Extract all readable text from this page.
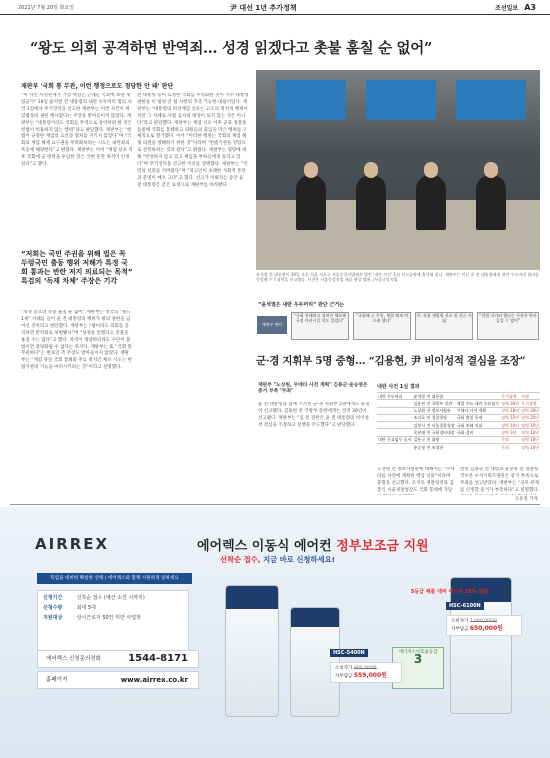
2021년 7월 20일 화요일	尹 대선 1년 추가정책	조선일보 A3
“왕도 의회 공격하면 반역죄… 성경 읽겠다고 촛불 훔칠 순 없어”
재판부 '국회 통 무관, 이런 행정으로도 정당한 안 돼' 판단

“이 사건 사실관계가 가장 핵심은 근래들 국회에 보낸 계엄군가” 18일 윤석열 전 대통령의 내란 우두머리 혐의 사건 1심에서 무기징역을 선고한 재판부는 이번 사건이 계엄법상의 권한 행사였다는 주장을 받아들이지 않았다. 재판부는 “대통령이라도 국회를 무력으로 장악하려 한 것은 헌법이 허용하지 않는 행위”라고 판단했다. 재판부는 “헌법이 규정한 계엄의 요건과 절차를 지키지 않았다”며 “국회의 계엄 해제 요구권을 무력화하려는 시도는 내란죄의 폭동에 해당한다”고 밝혔다. 재판부는 이어 “계엄 선포 직후 국회에 군 병력을 투입한 것은 국헌 문란 목적이 인정된다”고 했다.

“저희는 국민 주권을 위해 법은 꼭 두렁국민 출동 행위 저해가 특정 국회 통과는 반란 저지 의료되는 목적” 특검의 ‘독재 차체’ 주장은 기각

“성경 읽으려 촛불 훔칠 순 없어” 재판부는 영국의 “몰느 1세” 사례를 들어 윤 전 대통령의 행위가 왕의 권한을 넘어선 것이라고 판단했다. 재판부는 “왕이라도 의회를 공격하면 반역죄로 처벌됐다”며 “성경을 읽겠다고 촛불을 훔칠 수는 없다”고 했다. 목적이 정당하더라도 수단이 불법이면 정당화될 수 없다는 취지다. 재판부는 또 “국회 통 무관하다”는 변호인 측 주장도 받아들이지 않았다. 재판부는 “계엄 당일 국회 봉쇄와 주요 정치인 체포 시도는 헌법기관의 기능을 마비시키려는 것”이라고 설명했다.

전 대통령 등이 요청한 국회를 무력화한 것이 지수 대통령 권한을 이 범위 안 될 사항의 추측 가능한 내용이었다. 재판부는 “대통령의 비상계엄 선포는 고도의 정치적 행위이지만 그 자체로 사법 심사의 대상이 되지 않는 것은 아니다”라고 판단했다. 재판부는 계엄 선포 이후 군과 경찰을 동원해 국회를 봉쇄하고 의원들의 출입을 막은 행위를 구체적으로 열거했다. 이어 “이러한 행위는 국회의 계엄 해제 의결을 방해하기 위한 것”이라며 “헌법기관을 강압으로 전복하려는 것과 같다”고 밝혔다. 재판부는 형량에 대해 “반성하지 않고 있고 책임을 부하들에게 돌리고 있다”며 무기징역을 선고한 이유를 설명했다. 재판부는 “국민의 신뢰를 저버렸다”며 “피고인이 초래한 사회적 혼란과 분열이 매우 크다”고 했다. 선고가 이뤄지는 동안 윤 전 대통령은 굳은 표정으로 재판부를 바라봤다.

윤석열 전 대통령이 19일 오후 서울 서초구 서울중앙지법에서 열린 ‘내란 사건’ 1심 선고공판에 출석해 있다. 재판부는 이날 윤 전 대통령에게 내란 우두머리 혐의를 인정해 무기징역을 선고했다. 사진은 서울중앙지법 제공 영상 캡처. /서울중앙지법
“윤석열은 내란 우두머리” 판단 근거는
재판부 판단
“국회 봉쇄하고 정치인 체포해 국정 마비시킬 의도 있었다”
“국회에 군 투입, 계엄 해제 막으려 했다”
尹, 직접 계엄령 선포 및 전군 지휘
“헌법 지키려 했다는 주장은 받아들일 수 없어”
군·경 지휘부 5명 중형… “김용현, 尹 비이성적 결심을 조장”
재판부 "노상원, 쿠데타 사전 계획" 김용군·윤승영은 증거 부족 ‘무죄’

윤 전 대통령과 함께 기소된 군·경 지휘부 5명에게도 중형이 선고됐다. 김용현 전 국방부 장관에게는 징역 30년이 선고됐다. 재판부는 “김 전 장관은 윤 전 대통령의 비이성적 결심을 조장하고 실행을 주도했다”고 판단했다.

내란 사건 1심 결과
내란 우두머리	윤석열 전 대통령		무기징역	사형
	김용현 전 국방부 장관	계엄 주도·내란 중요임무	징역 30년	무기징역
	노상원 전 정보사령관	쿠데타 사전 계획	징역 18년	징역 30년
	조지호 전 경찰청장	국회 출입 통제	징역 12년	징역 20년
	김봉식 전 서울경찰청장	국회 봉쇄 지휘	징역 10년	징역 15년
	목현태 전 국회경비대장	국회 경비	징역 3년	징역 12년
내란 중요임무 종사	김용군 전 대령		무죄	징역 10년
	윤승영 전 조정관		무죄	징역 10년

노상원 전 정보사령관에 대해서는 “쿠데타를 사전에 계획한 핵심 인물”이라며 중형을 선고했다. 조지호 경찰청장과 김봉식 서울경찰청장도 국회 봉쇄에 가담

반면 김용군 전 대령과 윤승영 전 경찰청 국수본 수사기획조정관은 증거 부족으로 무죄를 선고받았다. 재판부는 “공모 관계를 인정할 증거가 부족하다”고 설명했다.

오유진 기자

AIRREX	에어렉스 이동식 에어컨 정부보조금 지원
선착순 접수, 지금 바로 신청하세요!
폭염을 대비한 확실한 선택 / 에어렉스와 함께 시원하게 일하세요
신청기간	선착순 접수 (예산 소진 시까지)
신청수량	최대 5대
지원대상	상시근로자 50인 미만 사업장
에어렉스 신청문의전화	1544-8171
홈페이지	www.airrex.co.kr
5등급 제품 대비 에너지 25% 절감
에너지소비효율등급
3
HSC-6100N
소비자가 1,000,000원
자부담금 650,000원
HSC-5400N
소비자가 900,000원
자부담금 559,000원
